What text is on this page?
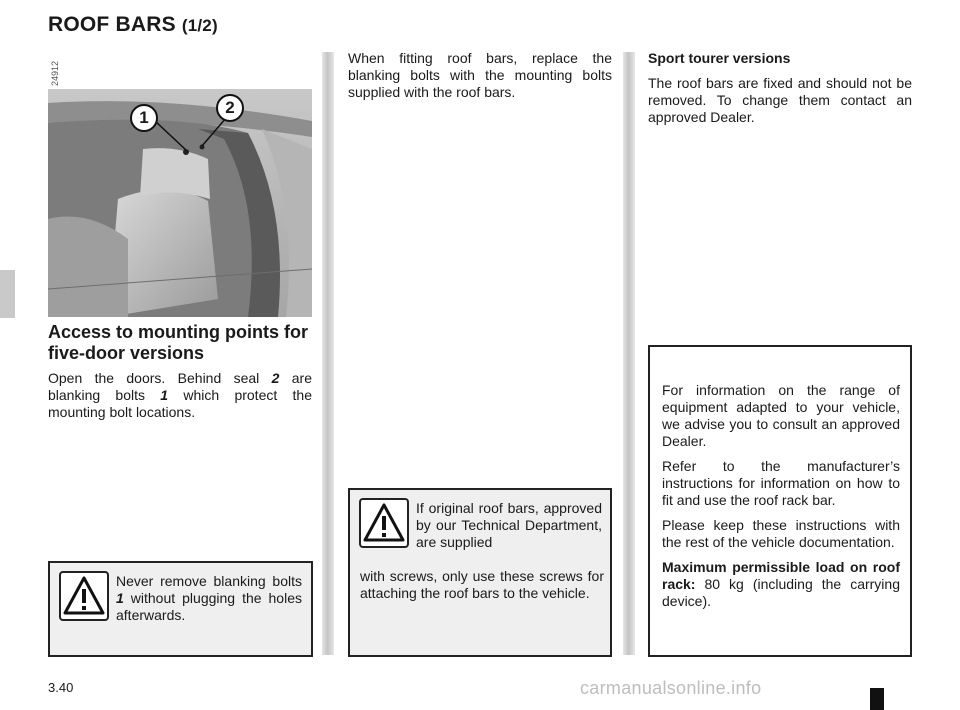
ROOF BARS (1/2)
24912
1
2
Access to mounting points for five-door versions

Open the doors. Behind seal 2 are blanking bolts 1 which protect the mounting bolt locations.

Never remove blanking bolts 1 without plugging the holes afterwards.

When fitting roof bars, replace the blanking bolts with the mounting bolts supplied with the roof bars.

If original roof bars, approved by our Technical Department, are supplied

with screws, only use these screws for attaching the roof bars to the vehicle.

Sport tourer versions

The roof bars are fixed and should not be removed. To change them contact an approved Dealer.

For information on the range of equipment adapted to your vehicle, we advise you to consult an approved Dealer.

Refer to the manufacturer’s instructions for information on how to fit and use the roof rack bar.

Please keep these instructions with the rest of the vehicle documentation.

Maximum permissible load on roof rack: 80 kg (including the carrying device).

3.40	carmanualsonline.info
